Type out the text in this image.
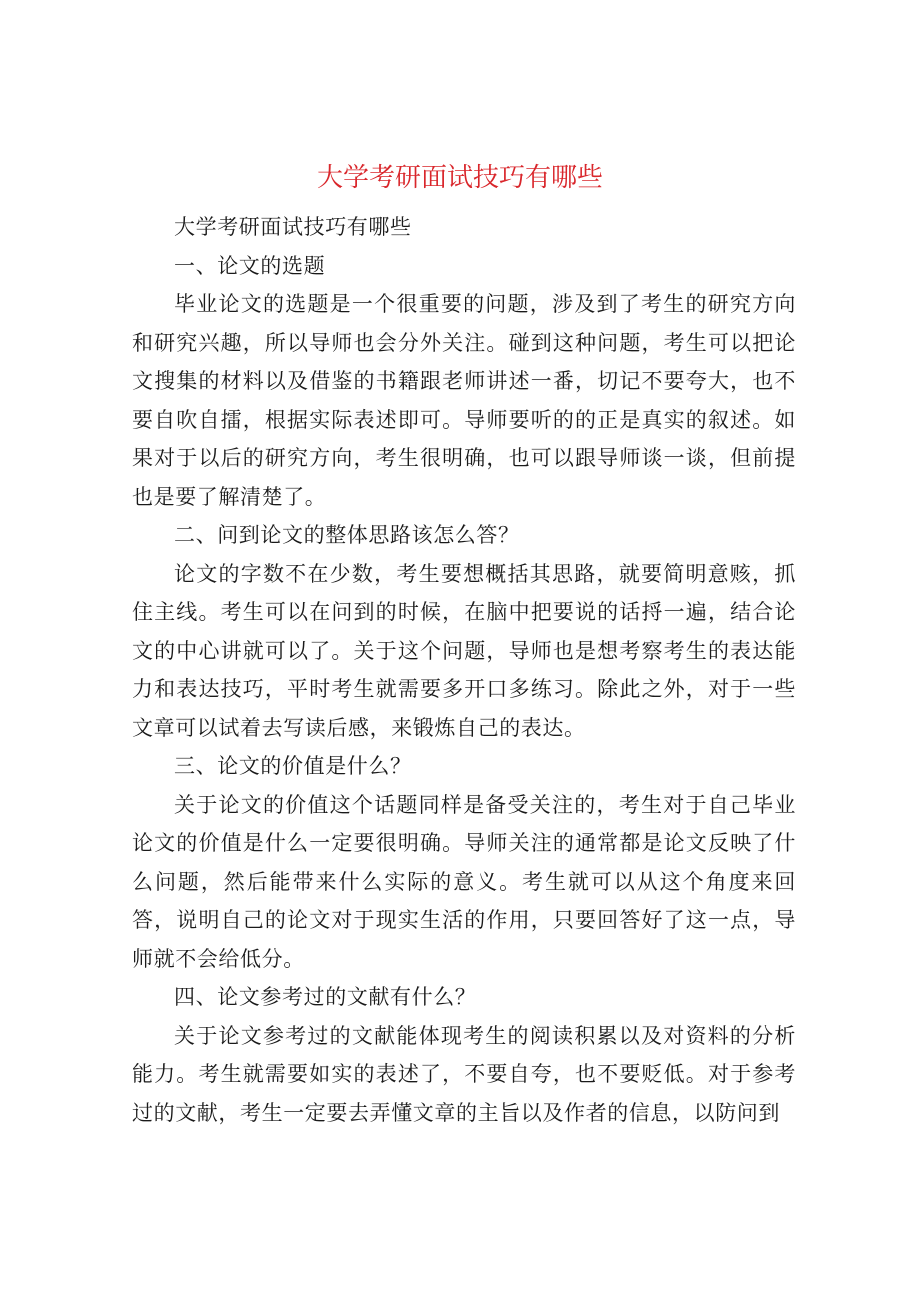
大学考研面试技巧有哪些

大学考研面试技巧有哪些

一、论文的选题

毕业论文的选题是一个很重要的问题，涉及到了考生的研究方向和研究兴趣，所以导师也会分外关注。碰到这种问题，考生可以把论文搜集的材料以及借鉴的书籍跟老师讲述一番，切记不要夸大，也不要自吹自擂，根据实际表述即可。导师要听的的正是真实的叙述。如果对于以后的研究方向，考生很明确，也可以跟导师谈一谈，但前提也是要了解清楚了。

二、问到论文的整体思路该怎么答？

论文的字数不在少数，考生要想概括其思路，就要简明意赅，抓住主线。考生可以在问到的时候，在脑中把要说的话捋一遍，结合论文的中心讲就可以了。关于这个问题，导师也是想考察考生的表达能力和表达技巧，平时考生就需要多开口多练习。除此之外，对于一些文章可以试着去写读后感，来锻炼自己的表达。

三、论文的价值是什么？

关于论文的价值这个话题同样是备受关注的，考生对于自己毕业论文的价值是什么一定要很明确。导师关注的通常都是论文反映了什么问题，然后能带来什么实际的意义。考生就可以从这个角度来回答，说明自己的论文对于现实生活的作用，只要回答好了这一点，导师就不会给低分。

四、论文参考过的文献有什么？

关于论文参考过的文献能体现考生的阅读积累以及对资料的分析能力。考生就需要如实的表述了，不要自夸，也不要贬低。对于参考过的文献，考生一定要去弄懂文章的主旨以及作者的信息，以防问到
